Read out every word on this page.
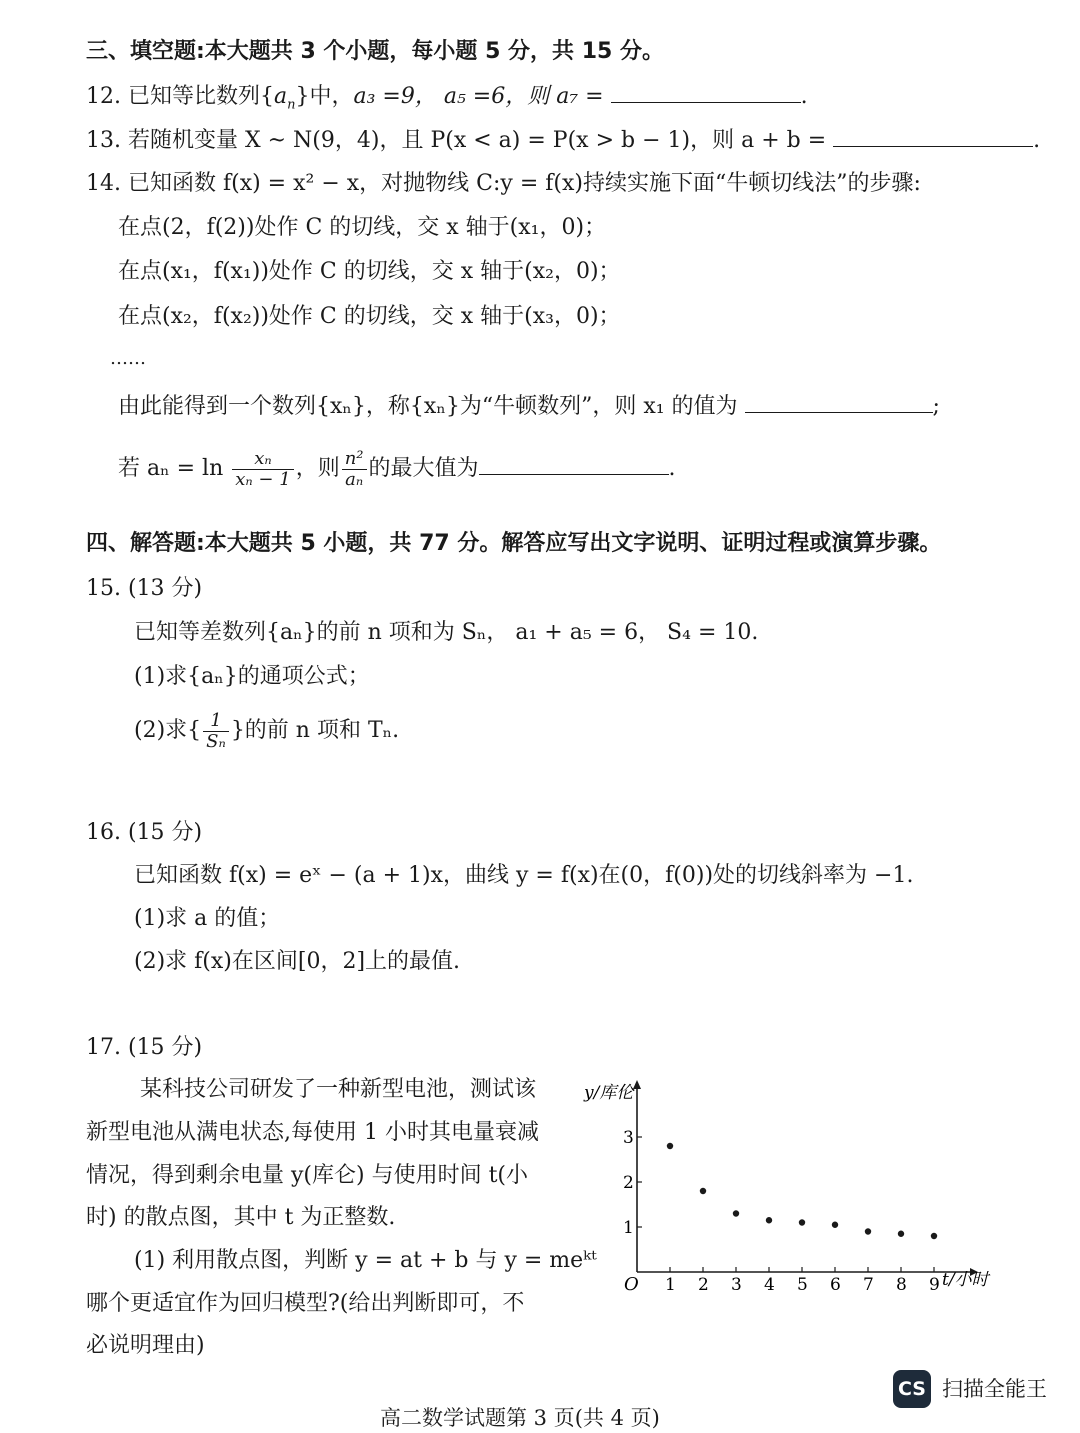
三、填空题:本大题共 3 个小题，每小题 5 分，共 15 分。
12. 已知等比数列$\{a_n\}$中，a₃ =9， a₅ =6，则 a₇ =	.
13. 若随机变量 X ~ N(9，4)，且 P(x < a) = P(x > b − 1)，则 a + b =	.
14. 已知函数 f(x) = x² − x，对抛物线 C:y = f(x)持续实施下面“牛顿切线法”的步骤:
在点(2，f(2))处作 C 的切线，交 x 轴于(x₁，0)；
在点(x₁，f(x₁))处作 C 的切线，交 x 轴于(x₂，0)；
在点(x₂，f(x₂))处作 C 的切线，交 x 轴于(x₃，0)；
……
由此能得到一个数列{xₙ}，称{xₙ}为“牛顿数列”，则 x₁ 的值为	;
若 $a_n = \ln \frac{\text{xₙ}}{\text{xₙ − 1}}$ ，则 $\frac{\text{n²}}{\text{aₙ}}$ 的最大值为	.
四、解答题:本大题共 5 小题，共 77 分。解答应写出文字说明、证明过程或演算步骤。
15. (13 分)
已知等差数列{aₙ}的前 n 项和为 Sₙ， a₁ + a₅ = 6， S₄ = 10.
(1)求{aₙ}的通项公式；
(2)求{ $\frac{1}{\text{Sₙ}}$ }的前 n 项和 Tₙ.
16. (15 分)
已知函数 f(x) = eˣ − (a + 1)x，曲线 y = f(x)在(0，f(0))处的切线斜率为 −1.
(1)求 a 的值；
(2)求 f(x)在区间[0，2]上的最值.
17. (15 分)
某科技公司研发了一种新型电池，测试该
新型电池从满电状态,每使用 1 小时其电量衰减
情况，得到剩余电量 y(库仑) 与使用时间 t(小
时) 的散点图，其中 t 为正整数.
(1) 利用散点图，判断 y = at + b 与 y = meᵏᵗ
哪个更适宜作为回归模型?(给出判断即可，不
必说明理由)
1 2 3 4 5 6 7 8 9
1
2
3
y/库伦
t/小时
O
高二数学试题第 3 页(共 4 页)
CS 扫描全能王
